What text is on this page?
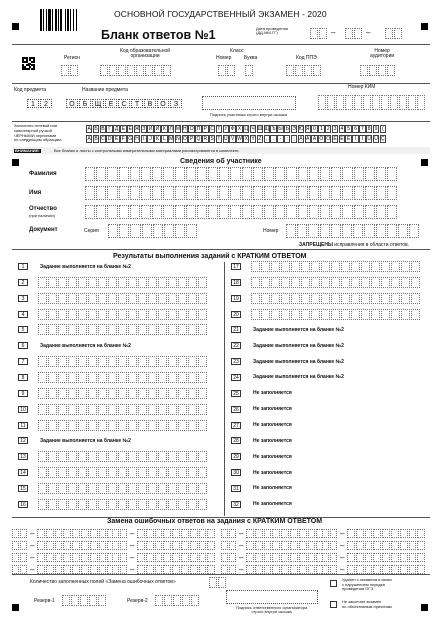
ОСНОВНОЙ ГОСУДАРСТВЕННЫЙ ЭКЗАМЕН - 2020
Бланк ответов №1	Дата проведения
(ДД-ММ-ГГ)	–	–
Регион
Код образовательной
организации
Класс
Номер	Буква	Код ППЭ
Номер
аудитории
Код предмета	Название предмета	Номер КИМ
1	2	О	Б	Щ	Е	С	Т	В	О	З
Подпись участника строго внутри окошка
Заполнять гелевой или
капиллярной ручкой
ЧЁРНЫМИ чернилами
по следующим образцам:
А Б В Г Д Е Ё Ж З И Й К Л М Н О П Р С Т У Ф Х Ц Ч Ш Щ Ъ Ы Ь Э Ю Я 0 1 2 3 4 5 6 7 8 9 (
A B C D E F G H I J K L M N O P Q R S T U V W X Y Z ,	.	-	:	; Á À Â Ö Ó É È Ë Í	Ï Ú Ü Ç
ВНИМАНИЕ!	Все бланки и листы с контрольными измерительными материалами рассматриваются в комплекте.
Сведения об участнике
Фамилия
Имя
Отчество
(при наличии)
Документ	Серия	Номер
ЗАПРЕЩЕНЫ исправления в области ответов.
Результаты выполнения заданий с КРАТКИМ ОТВЕТОМ
1	Задание выполняется на бланке №2
2
3
4
5
6	Задание выполняется на бланке №2
7
8
9
10
11
12	Задание выполняется на бланке №2
13
14
15
16
17
18
19
20
21	Задание выполняется на бланке №2
22	Задание выполняется на бланке №2
23	Задание выполняется на бланке №2
24	Задание выполняется на бланке №2
25	Не заполняется
26	Не заполняется
27	Не заполняется
28	Не заполняется
29	Не заполняется
30	Не заполняется
31	Не заполняется
32	Не заполняется
Замена ошибочных ответов на задания с КРАТКИМ ОТВЕТОМ
–	–	–	–
–	–	–	–
–	–	–	–
–	–	–	–
Количество заполненных полей «Замена ошибочных ответов»
Резерв-1	Резерв-2
Подпись ответственного организатора
строго внутри окошка
Удален с экзамена в связи
с нарушением порядка
проведения ОГЭ
Не закончил экзамен
по объективным причинам
